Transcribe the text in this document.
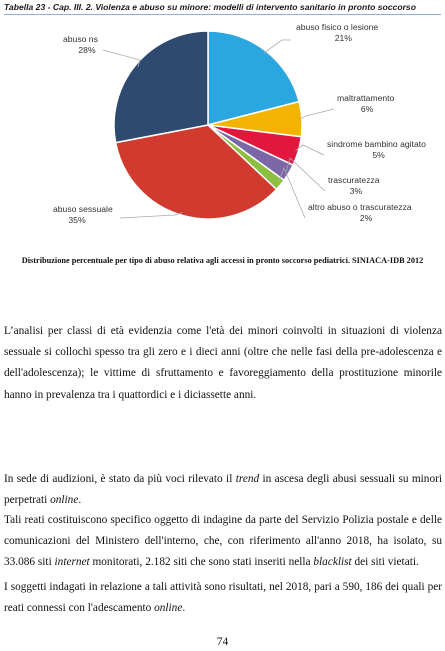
Tabella 23 - Cap. III. 2. Violenza e abuso su minore: modelli di intervento sanitario in pronto soccorso
abuso fisico o lesione
21%
maltrattamento
6%
sindrome bambino agitato
5%
trascuratezza
3%
altro abuso o trascuratezza
2%
abuso sessuale
35%
abuso ns
28%
Distribuzione percentuale per tipo di abuso relativa agli accessi in pronto soccorso pediatrici. SINIACA-IDB 2012

L’analisi per classi di età evidenzia come l'età dei minori coinvolti in situazioni di violenza sessuale si collochi spesso tra gli zero e i dieci anni (oltre che nelle fasi della pre-adolescenza e dell'adolescenza); le vittime di sfruttamento e favoreggiamento della prostituzione minorile hanno in prevalenza tra i quattordici e i diciassette anni.

In sede di audizioni, è stato da più voci rilevato il trend in ascesa degli abusi sessuali su minori perpetrati online.

Tali reati costituiscono specifico oggetto di indagine da parte del Servizio Polizia postale e delle comunicazioni del Ministero dell'interno, che, con riferimento all'anno 2018, ha isolato, su 33.086 siti internet monitorati, 2.182 siti che sono stati inseriti nella blacklist dei siti vietati.

I soggetti indagati in relazione a tali attività sono risultati, nel 2018, pari a 590, 186 dei quali per reati connessi con l'adescamento online.

74
